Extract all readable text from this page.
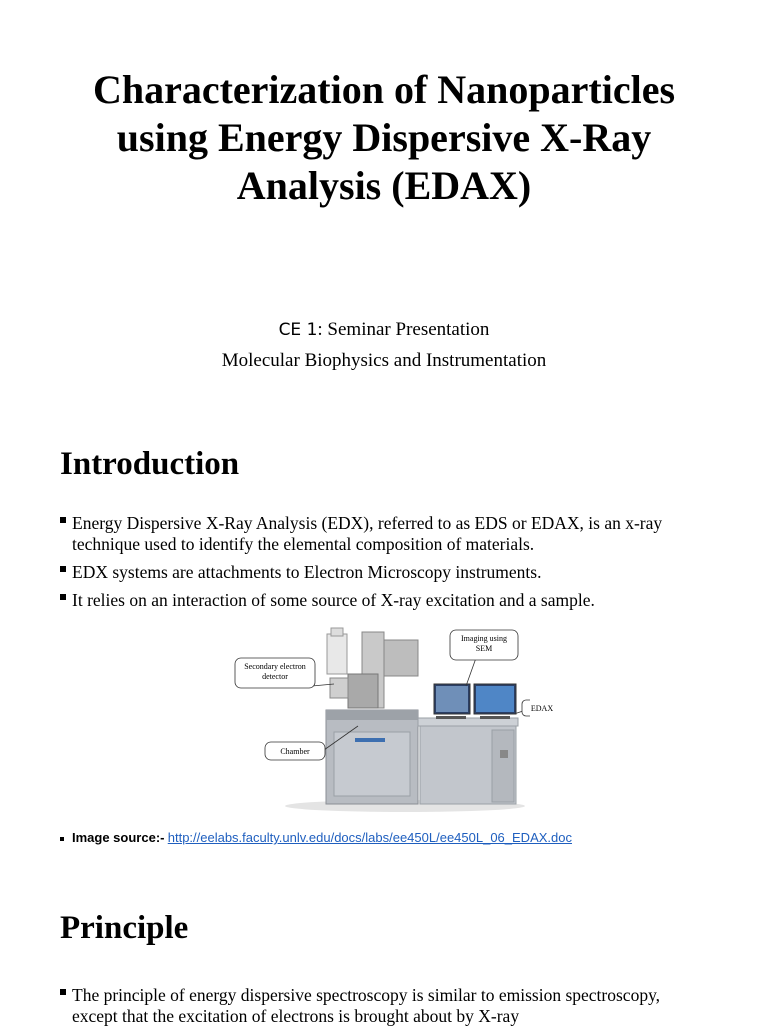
Characterization of Nanoparticles using Energy Dispersive X-Ray Analysis (EDAX)
CE 1: Seminar Presentation
Molecular Biophysics and Instrumentation
Introduction
Energy Dispersive X-Ray Analysis (EDX), referred to as EDS or EDAX, is an x-ray technique used to identify the elemental composition of materials.
EDX systems are attachments to Electron Microscopy instruments.
It relies on an interaction of some source of X-ray excitation and a sample.
Secondary electron detector
Imaging using SEM
EDAX
Chamber
Image source:- http://eelabs.faculty.unlv.edu/docs/labs/ee450L/ee450L_06_EDAX.doc
Principle
The principle of energy dispersive spectroscopy is similar to emission spectroscopy, except that the excitation of electrons is brought about by X-ray
